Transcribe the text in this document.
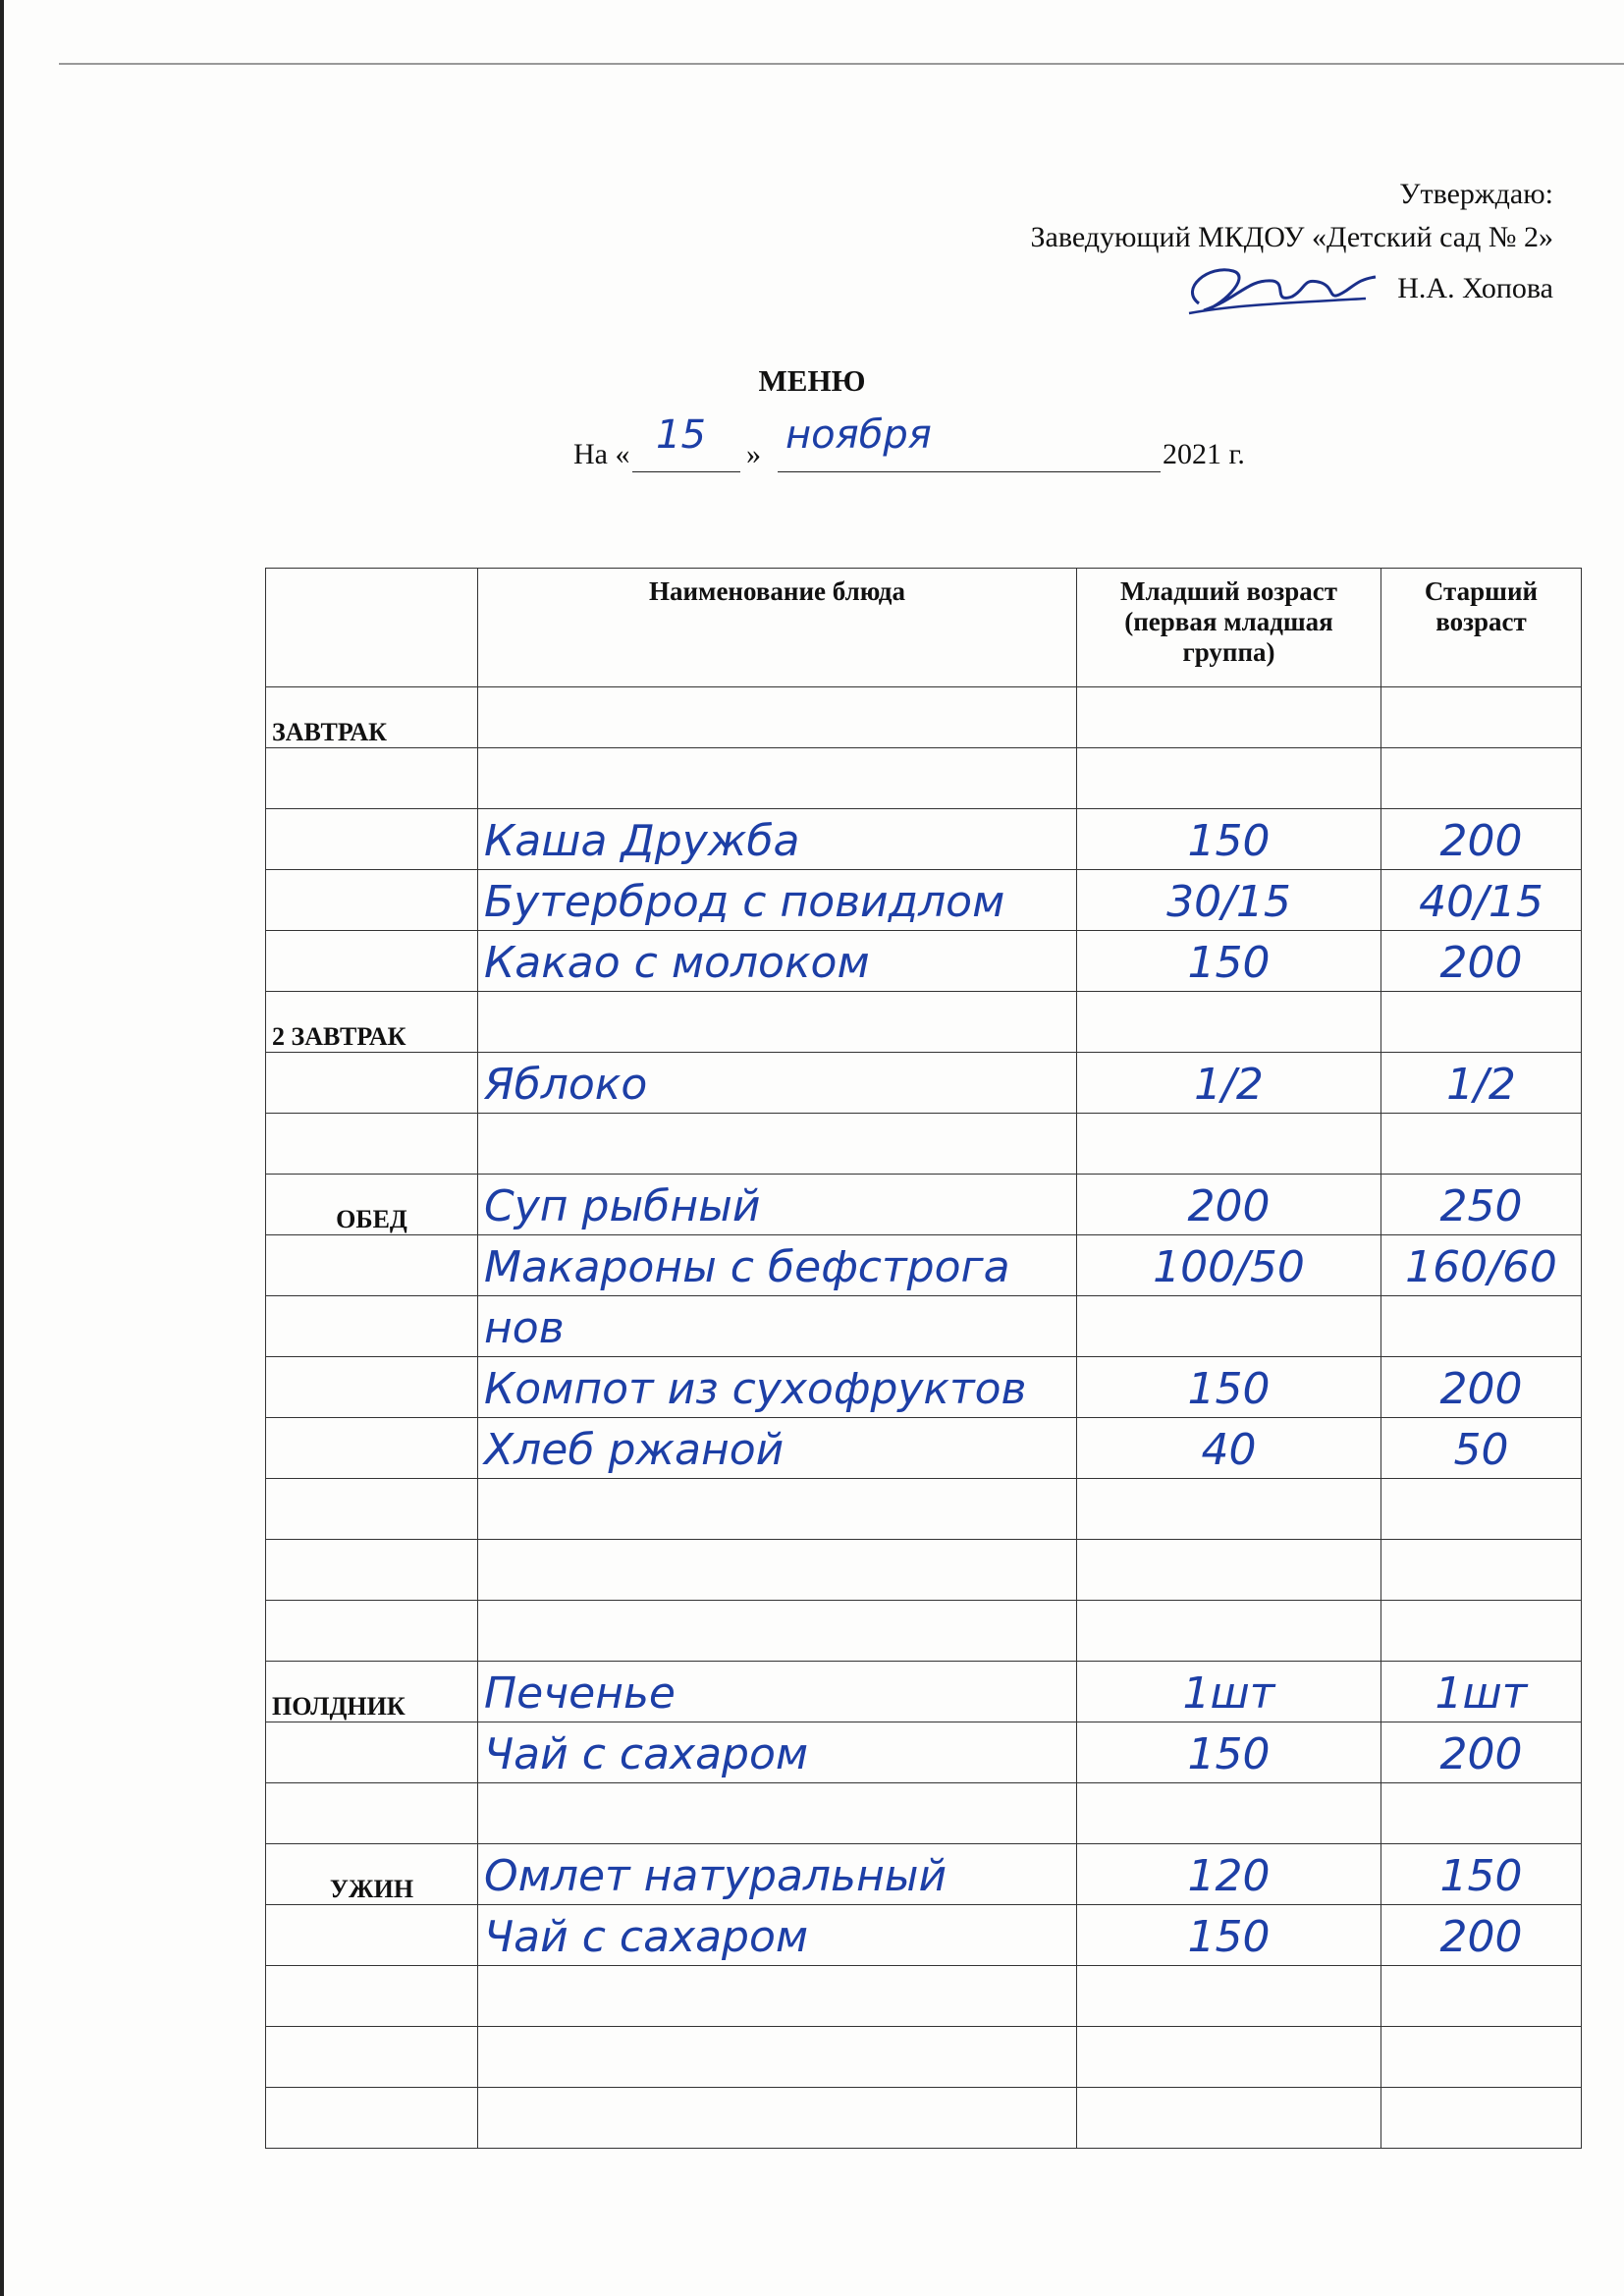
Утверждаю:
Заведующий МКДОУ «Детский сад № 2»
Н.А. Хопова
МЕНЮ
На « 15 » ноября	2021 г.
	Наименование блюда	Младший возраст (первая младшая группа)	Старший возраст
ЗАВТРАК	

	Каша Дружба	150	200

	Бутерброд с повидлом	30/15	40/15

	Какао с молоком	150	200

2 ЗАВТРАК	

	Яблоко	1/2	1/2

ОБЕД	Суп рыбный	200	250

	Макароны с бефстрога	100/50	160/60

	нов		

	Компот из сухофруктов	150	200

	Хлеб ржаной	40	50

ПОЛДНИК	Печенье	1шт	1шт

	Чай с сахаром	150	200

УЖИН	Омлет натуральный	120	150

	Чай с сахаром	150	200
